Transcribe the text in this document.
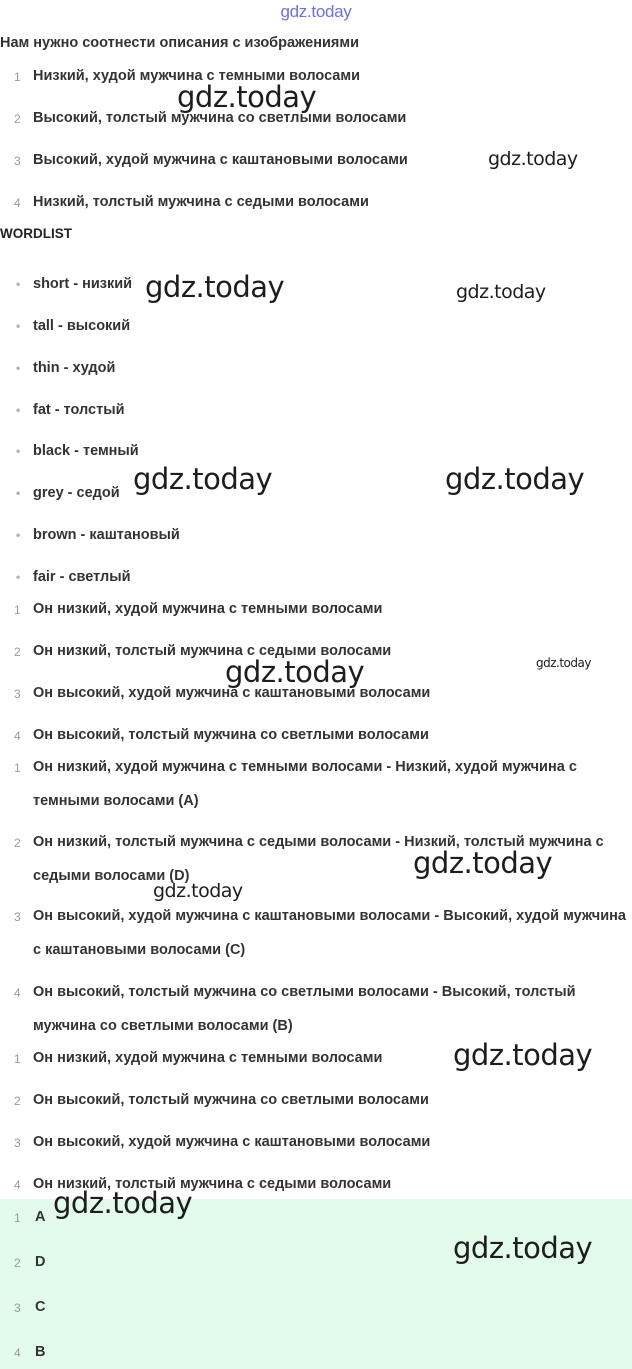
gdz.today
Нам нужно соотнести описания с изображениями
1 Низкий, худой мужчина с темными волосами
2 Высокий, толстый мужчина со светлыми волосами
3 Высокий, худой мужчина с каштановыми волосами
4 Низкий, толстый мужчина с седыми волосами
WORDLIST
• short - низкий
• tall - высокий
• thin - худой
• fat - толстый
• black - темный
• grey - седой
• brown - каштановый
• fair - светлый
1 Он низкий, худой мужчина с темными волосами
2 Он низкий, толстый мужчина с седыми волосами
3 Он высокий, худой мужчина с каштановыми волосами
4 Он высокий, толстый мужчина со светлыми волосами
1 Он низкий, худой мужчина с темными волосами - Низкий, худой мужчина с темными волосами (A)
2 Он низкий, толстый мужчина с седыми волосами - Низкий, толстый мужчина с седыми волосами (D)
3 Он высокий, худой мужчина с каштановыми волосами - Высокий, худой мужчина с каштановыми волосами (C)
4 Он высокий, толстый мужчина со светлыми волосами - Высокий, толстый мужчина со светлыми волосами (B)
1 Он низкий, худой мужчина с темными волосами
2 Он высокий, толстый мужчина со светлыми волосами
3 Он высокий, худой мужчина с каштановыми волосами
4 Он низкий, толстый мужчина с седыми волосами
1 A
2 D
3 C
4 B
gdz.today
gdz.today
gdz.today	gdz.today
gdz.today	gdz.today
gdz.today	gdz.today
gdz.today
gdz.today
gdz.today
gdz.today
gdz.today
